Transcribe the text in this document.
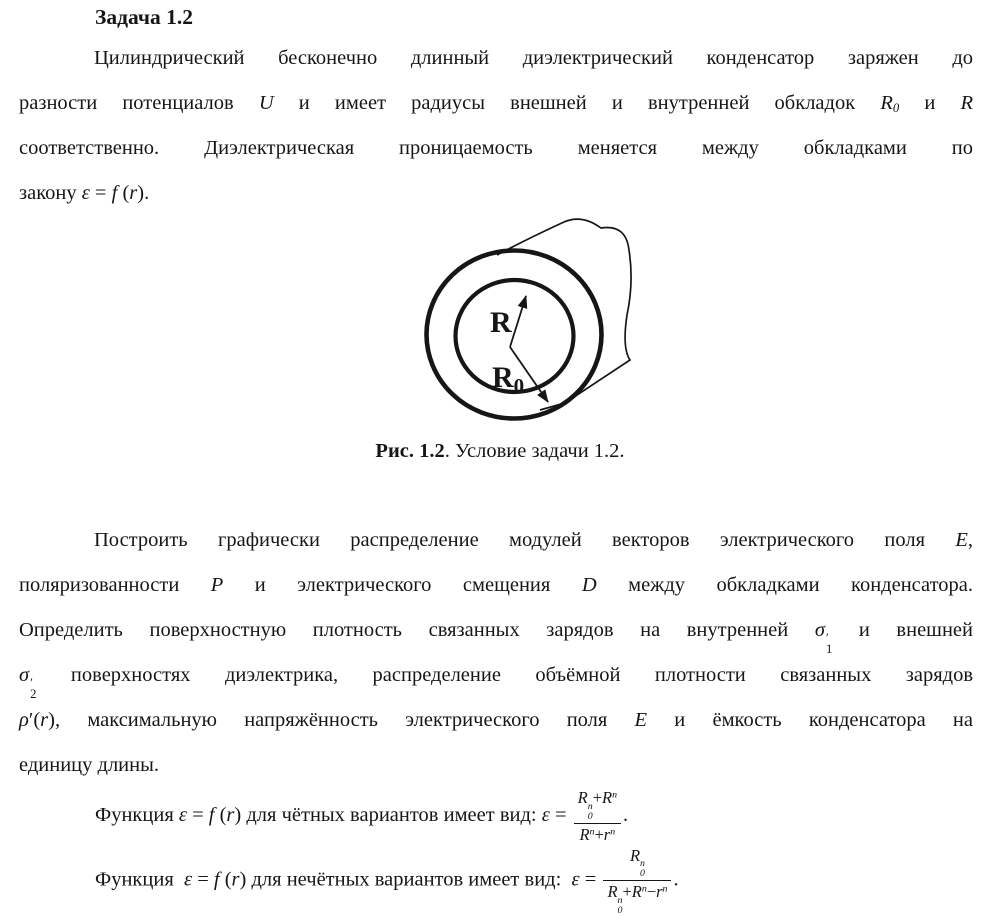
Задача 1.2
Цилиндрический бесконечно длинный диэлектрический конденсатор заряжен до
разности потенциалов U и имеет радиусы внешней и внутренней обкладок R0 и R
соответственно. Диэлектрическая проницаемость меняется между обкладками по
закону ε = f (r).
R
$R_0$
Рис. 1.2. Условие задачи 1.2.
Построить графически распределение модулей векторов электрического поля E,
поляризованности P и электрического смещения D между обкладками конденсатора.
Определить поверхностную плотность связанных зарядов на внутренней σ ′
1
и внешней
σ ′
2
поверхностях диэлектрика, распределение объёмной плотности связанных зарядов
ρ′(r), максимальную напряжённость электрического поля E и ёмкость конденсатора на
единицу длины.
Функция ε = f (r) для чётных вариантов имеет вид: ε = R n
0
$+R^n$
$R^n+r^n$ .
Функция  ε = f (r) для нечётных вариантов имеет вид:  ε = R n
0
R n
0
$+R^n-r^n$ .
